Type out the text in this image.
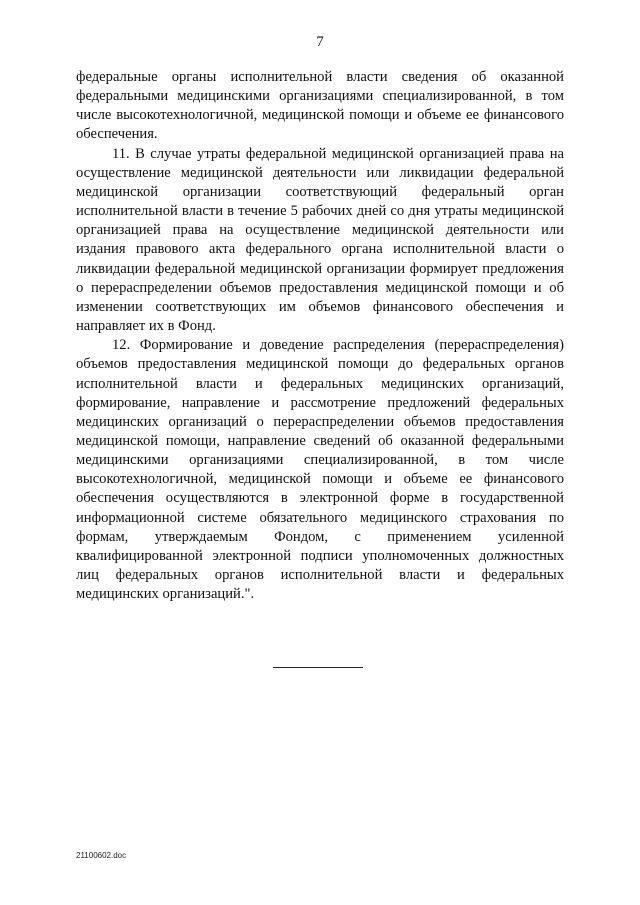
7

федеральные органы исполнительной власти сведения об оказанной федеральными медицинскими организациями специализированной, в том числе высокотехнологичной, медицинской помощи и объеме ее финансового обеспечения.

11. В случае утраты федеральной медицинской организацией права на осуществление медицинской деятельности или ликвидации федеральной медицинской организации соответствующий федеральный орган исполнительной власти в течение 5 рабочих дней со дня утраты медицинской организацией права на осуществление медицинской деятельности или издания правового акта федерального органа исполнительной власти о ликвидации федеральной медицинской организации формирует предложения о перераспределении объемов предоставления медицинской помощи и об изменении соответствующих им объемов финансового обеспечения и направляет их в Фонд.

12. Формирование и доведение распределения (перераспределения) объемов предоставления медицинской помощи до федеральных органов исполнительной власти и федеральных медицинских организаций, формирование, направление и рассмотрение предложений федеральных медицинских организаций о перераспределении объемов предоставления медицинской помощи, направление сведений об оказанной федеральными медицинскими организациями специализированной, в том числе высокотехнологичной, медицинской помощи и объеме ее финансового обеспечения осуществляются в электронной форме в государственной информационной системе обязательного медицинского страхования по формам, утверждаемым Фондом, с применением усиленной квалифицированной электронной подписи уполномоченных должностных лиц федеральных органов исполнительной власти и федеральных медицинских организаций.".

21100602.doc
